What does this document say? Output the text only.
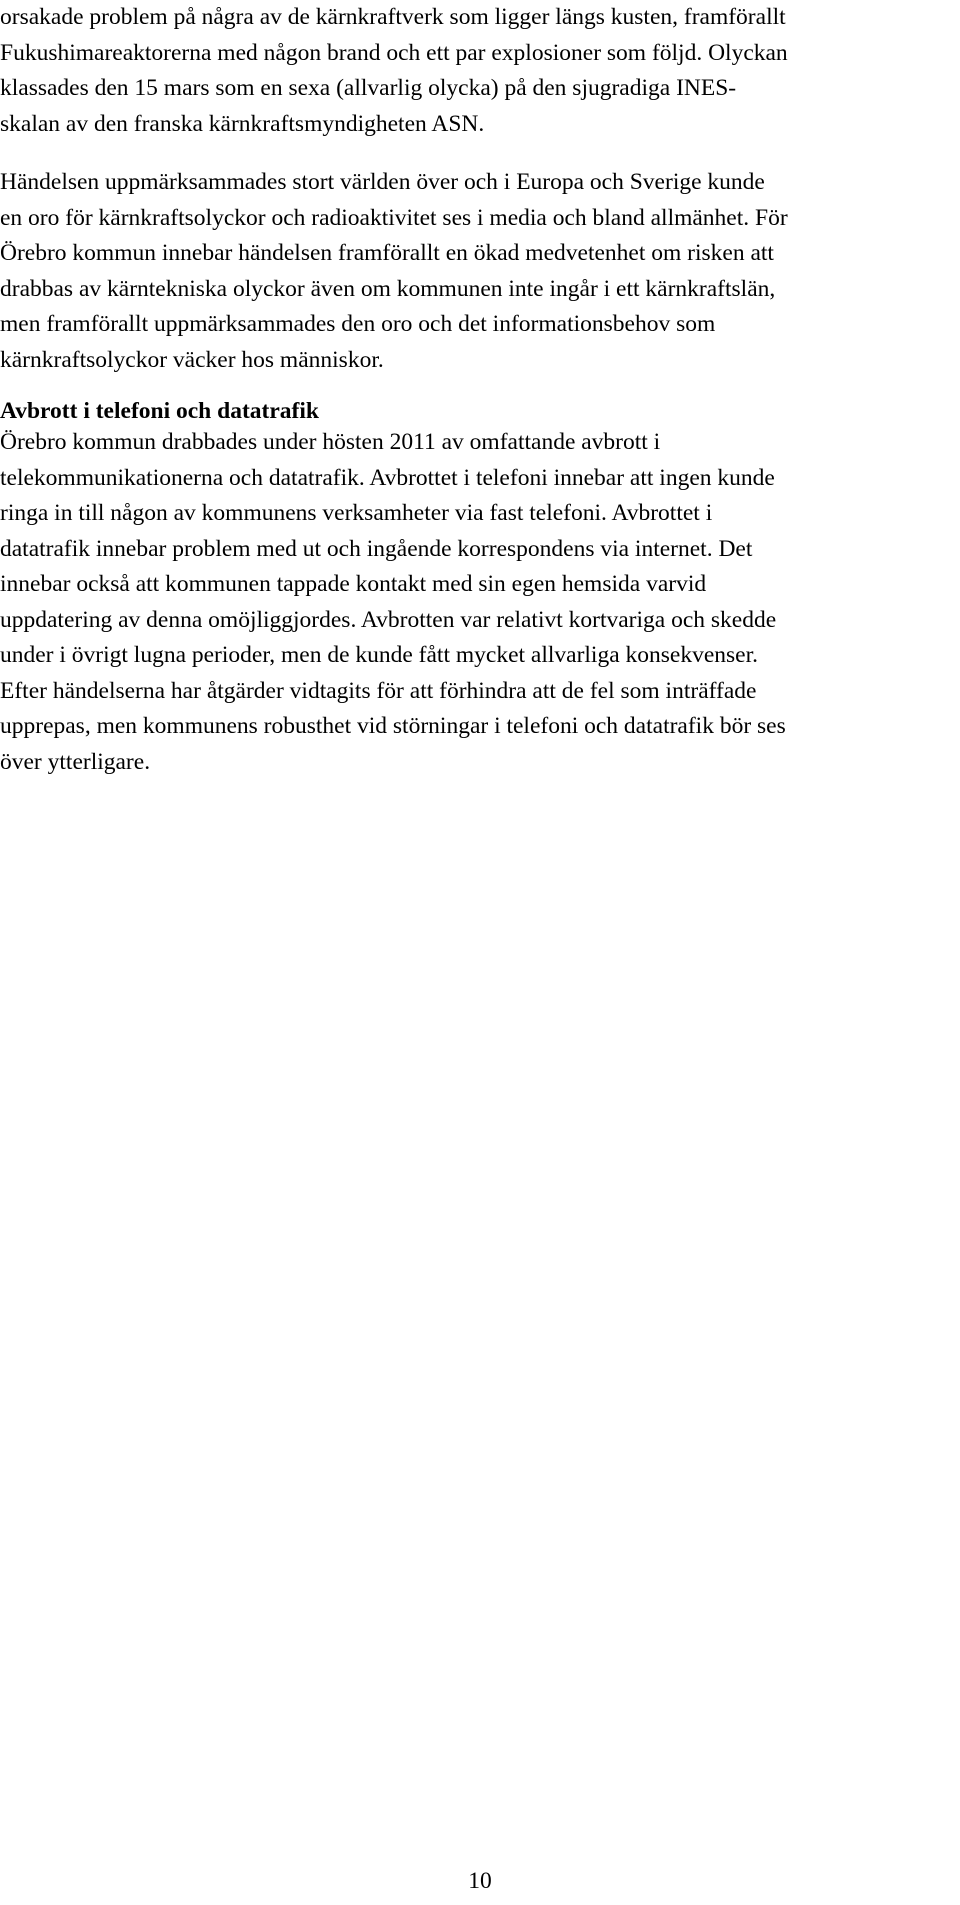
orsakade problem på några av de kärnkraftverk som ligger längs kusten, framförallt
Fukushimareaktorerna med någon brand och ett par explosioner som följd. Olyckan
klassades den 15 mars som en sexa (allvarlig olycka) på den sjugradiga INES-
skalan av den franska kärnkraftsmyndigheten ASN.
Händelsen uppmärksammades stort världen över och i Europa och Sverige kunde
en oro för kärnkraftsolyckor och radioaktivitet ses i media och bland allmänhet. För
Örebro kommun innebar händelsen framförallt en ökad medvetenhet om risken att
drabbas av kärntekniska olyckor även om kommunen inte ingår i ett kärnkraftslän,
men framförallt uppmärksammades den oro och det informationsbehov som
kärnkraftsolyckor väcker hos människor.
Avbrott i telefoni och datatrafik
Örebro kommun drabbades under hösten 2011 av omfattande avbrott i
telekommunikationerna och datatrafik. Avbrottet i telefoni innebar att ingen kunde
ringa in till någon av kommunens verksamheter via fast telefoni. Avbrottet i
datatrafik innebar problem med ut och ingående korrespondens via internet. Det
innebar också att kommunen tappade kontakt med sin egen hemsida varvid
uppdatering av denna omöjliggjordes. Avbrotten var relativt kortvariga och skedde
under i övrigt lugna perioder, men de kunde fått mycket allvarliga konsekvenser.
Efter händelserna har åtgärder vidtagits för att förhindra att de fel som inträffade
upprepas, men kommunens robusthet vid störningar i telefoni och datatrafik bör ses
över ytterligare.
10
